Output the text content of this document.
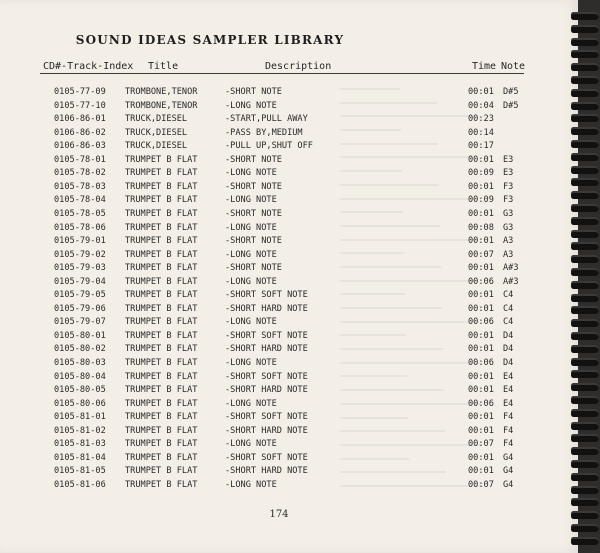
SOUND IDEAS SAMPLER LIBRARY
CD#-Track-Index Title	Description	Time Note
0105-77-09 TROMBONE,TENOR	-SHORT NOTE	00:01 D#5
0105-77-10 TROMBONE,TENOR	-LONG NOTE	00:04 D#5
0106-86-01 TRUCK,DIESEL	-START,PULL AWAY	00:23
0106-86-02 TRUCK,DIESEL	-PASS BY,MEDIUM	00:14
0106-86-03 TRUCK,DIESEL	-PULL UP,SHUT OFF	00:17
0105-78-01 TRUMPET B FLAT	-SHORT NOTE	00:01 E3
0105-78-02 TRUMPET B FLAT	-LONG NOTE	00:09 E3
0105-78-03 TRUMPET B FLAT	-SHORT NOTE	00:01 F3
0105-78-04 TRUMPET B FLAT	-LONG NOTE	00:09 F3
0105-78-05 TRUMPET B FLAT	-SHORT NOTE	00:01 G3
0105-78-06 TRUMPET B FLAT	-LONG NOTE	00:08 G3
0105-79-01 TRUMPET B FLAT	-SHORT NOTE	00:01 A3
0105-79-02 TRUMPET B FLAT	-LONG NOTE	00:07 A3
0105-79-03 TRUMPET B FLAT	-SHORT NOTE	00:01 A#3
0105-79-04 TRUMPET B FLAT	-LONG NOTE	00:06 A#3
0105-79-05 TRUMPET B FLAT	-SHORT SOFT NOTE	00:01 C4
0105-79-06 TRUMPET B FLAT	-SHORT HARD NOTE	00:01 C4
0105-79-07 TRUMPET B FLAT	-LONG NOTE	00:06 C4
0105-80-01 TRUMPET B FLAT	-SHORT SOFT NOTE	00:01 D4
0105-80-02 TRUMPET B FLAT	-SHORT HARD NOTE	00:01 D4
0105-80-03 TRUMPET B FLAT	-LONG NOTE	00:06 D4
0105-80-04 TRUMPET B FLAT	-SHORT SOFT NOTE	00:01 E4
0105-80-05 TRUMPET B FLAT	-SHORT HARD NOTE	00:01 E4
0105-80-06 TRUMPET B FLAT	-LONG NOTE	00:06 E4
0105-81-01 TRUMPET B FLAT	-SHORT SOFT NOTE	00:01 F4
0105-81-02 TRUMPET B FLAT	-SHORT HARD NOTE	00:01 F4
0105-81-03 TRUMPET B FLAT	-LONG NOTE	00:07 F4
0105-81-04 TRUMPET B FLAT	-SHORT SOFT NOTE	00:01 G4
0105-81-05 TRUMPET B FLAT	-SHORT HARD NOTE	00:01 G4
0105-81-06 TRUMPET B FLAT	-LONG NOTE	00:07 G4
174
